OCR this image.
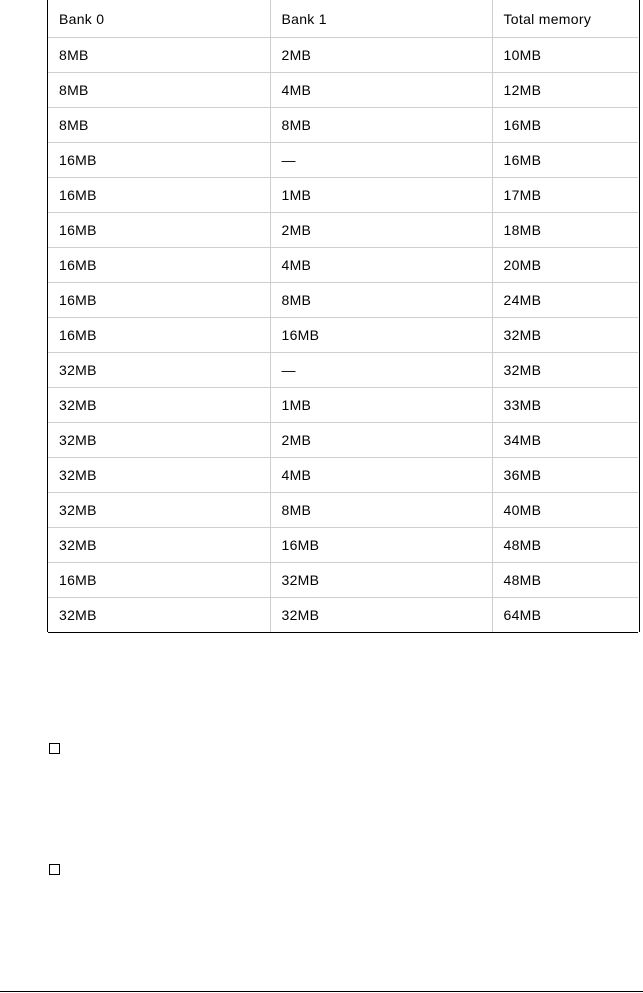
Bank 0	Bank 1	Total memory
8MB	2MB	10MB
8MB	4MB	12MB
8MB	8MB	16MB
16MB	—	16MB
16MB	1MB	17MB
16MB	2MB	18MB
16MB	4MB	20MB
16MB	8MB	24MB
16MB	16MB	32MB
32MB	—	32MB
32MB	1MB	33MB
32MB	2MB	34MB
32MB	4MB	36MB
32MB	8MB	40MB
32MB	16MB	48MB
16MB	32MB	48MB
32MB	32MB	64MB
